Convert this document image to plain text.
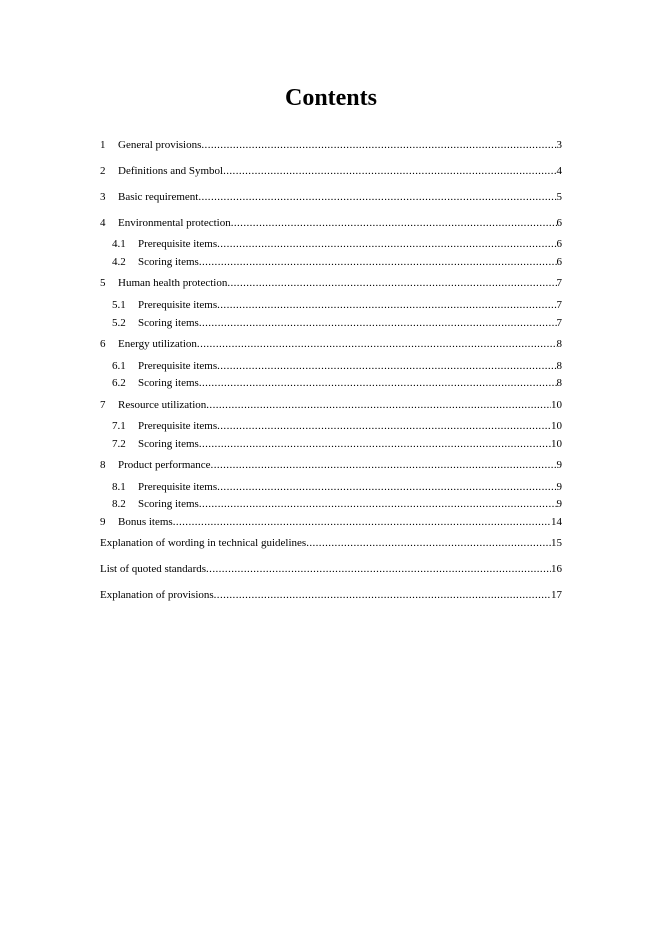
Contents
1	General provisions .....	3
2	Definitions and Symbol .....	4
3	Basic requirement .....	5
4	Environmental protection .....	6
4.1	Prerequisite items .....	6
4.2	Scoring items .....	6
5	Human health protection .....	7
5.1	Prerequisite items .....	7
5.2	Scoring items .....	7
6	Energy utilization .....	8
6.1	Prerequisite items .....	8
6.2	Scoring items .....	8
7	Resource utilization .....	10
7.1	Prerequisite items .....	10
7.2	Scoring items .....	10
8	Product performance .....	9
8.1	Prerequisite items .....	9
8.2	Scoring items .....	9
9	Bonus items .....	14
Explanation of wording in technical guidelines .....	15
List of quoted standards .....	16
Explanation of provisions .....	17
